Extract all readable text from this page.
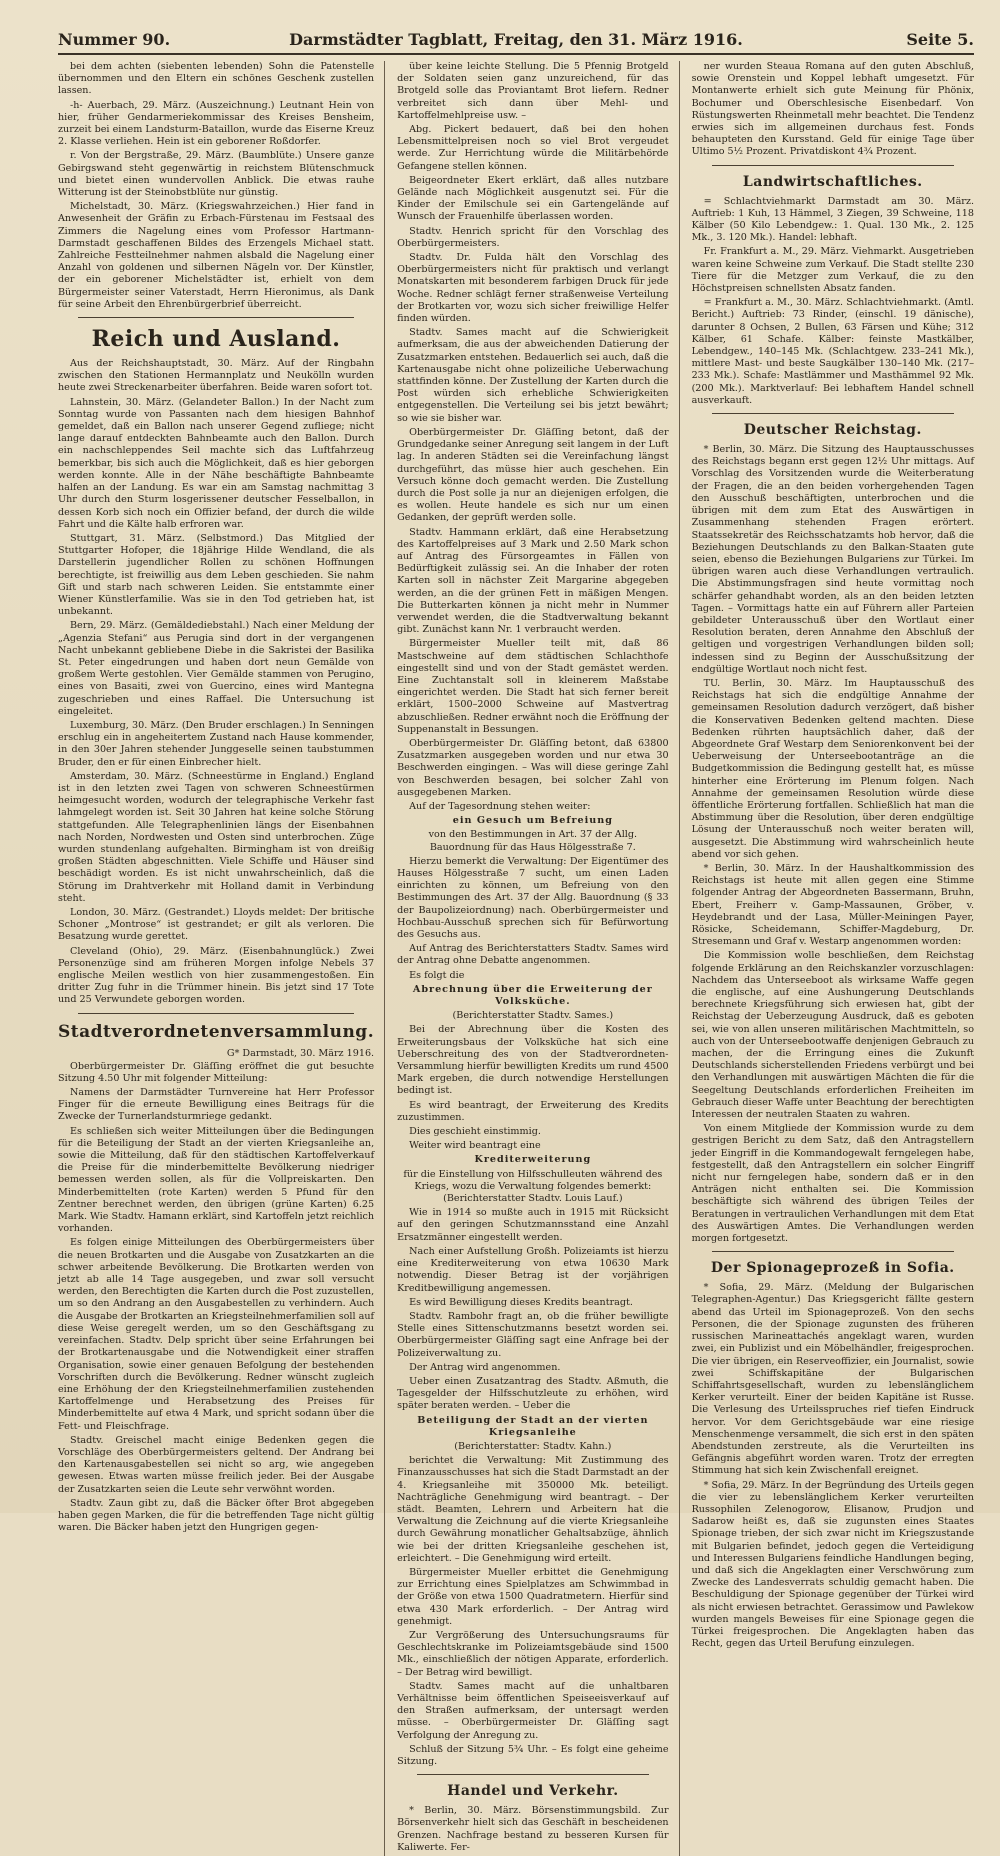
Nummer 90.	Darmstädter Tagblatt, Freitag, den 31. März 1916.	Seite 5.

bei dem achten (siebenten lebenden) Sohn die Patenstelle übernommen und den Eltern ein schönes Geschenk zustellen lassen.

-h- Auerbach, 29. März. (Auszeichnung.) Leutnant Hein von hier, früher Gendarmeriekommissar des Kreises Bensheim, zurzeit bei einem Landsturm-Bataillon, wurde das Eiserne Kreuz 2. Klasse verliehen. Hein ist ein geborener Roßdorfer.

r. Von der Bergstraße, 29. März. (Baumblüte.) Unsere ganze Gebirgswand steht gegenwärtig in reichstem Blütenschmuck und bietet einen wundervollen Anblick. Die etwas rauhe Witterung ist der Steinobstblüte nur günstig.

Michelstadt, 30. März. (Kriegswahrzeichen.) Hier fand in Anwesenheit der Gräfin zu Erbach-Fürstenau im Festsaal des Zimmers die Nagelung eines vom Professor Hartmann-Darmstadt geschaffenen Bildes des Erzengels Michael statt. Zahlreiche Festteilnehmer nahmen alsbald die Nagelung einer Anzahl von goldenen und silbernen Nägeln vor. Der Künstler, der ein geborener Michelstädter ist, erhielt von dem Bürgermeister seiner Vaterstadt, Herrn Hieronimus, als Dank für seine Arbeit den Ehrenbürgerbrief überreicht.

Reich und Ausland.

Aus der Reichshauptstadt, 30. März. Auf der Ringbahn zwischen den Stationen Hermannplatz und Neukölln wurden heute zwei Streckenarbeiter überfahren. Beide waren sofort tot.

Lahnstein, 30. März. (Gelandeter Ballon.) In der Nacht zum Sonntag wurde von Passanten nach dem hiesigen Bahnhof gemeldet, daß ein Ballon nach unserer Gegend zufliege; nicht lange darauf entdeckten Bahnbeamte auch den Ballon. Durch ein nachschleppendes Seil machte sich das Luftfahrzeug bemerkbar, bis sich auch die Möglichkeit, daß es hier geborgen werden konnte. Alle in der Nähe beschäftigte Bahnbeamte halfen an der Landung. Es war ein am Samstag nachmittag 3 Uhr durch den Sturm losgerissener deutscher Fesselballon, in dessen Korb sich noch ein Offizier befand, der durch die wilde Fahrt und die Kälte halb erfroren war.

Stuttgart, 31. März. (Selbstmord.) Das Mitglied der Stuttgarter Hofoper, die 18jährige Hilde Wendland, die als Darstellerin jugendlicher Rollen zu schönen Hoffnungen berechtigte, ist freiwillig aus dem Leben geschieden. Sie nahm Gift und starb nach schweren Leiden. Sie entstammte einer Wiener Künstlerfamilie. Was sie in den Tod getrieben hat, ist unbekannt.

Bern, 29. März. (Gemäldediebstahl.) Nach einer Meldung der „Agenzia Stefani“ aus Perugia sind dort in der vergangenen Nacht unbekannt gebliebene Diebe in die Sakristei der Basilika St. Peter eingedrungen und haben dort neun Gemälde von großem Werte gestohlen. Vier Gemälde stammen von Perugino, eines von Basaiti, zwei von Guercino, eines wird Mantegna zugeschrieben und eines Raffael. Die Untersuchung ist eingeleitet.

Luxemburg, 30. März. (Den Bruder erschlagen.) In Senningen erschlug ein in angeheitertem Zustand nach Hause kommender, in den 30er Jahren stehender Junggeselle seinen taubstummen Bruder, den er für einen Einbrecher hielt.

Amsterdam, 30. März. (Schneestürme in England.) England ist in den letzten zwei Tagen von schweren Schneestürmen heimgesucht worden, wodurch der telegraphische Verkehr fast lahmgelegt worden ist. Seit 30 Jahren hat keine solche Störung stattgefunden. Alle Telegraphenlinien längs der Eisenbahnen nach Norden, Nordwesten und Osten sind unterbrochen. Züge wurden stundenlang aufgehalten. Birmingham ist von dreißig großen Städten abgeschnitten. Viele Schiffe und Häuser sind beschädigt worden. Es ist nicht unwahrscheinlich, daß die Störung im Drahtverkehr mit Holland damit in Verbindung steht.

London, 30. März. (Gestrandet.) Lloyds meldet: Der britische Schoner „Montrose“ ist gestrandet; er gilt als verloren. Die Besatzung wurde gerettet.

Cleveland (Ohio), 29. März. (Eisenbahnunglück.) Zwei Personenzüge sind am früheren Morgen infolge Nebels 37 englische Meilen westlich von hier zusammengestoßen. Ein dritter Zug fuhr in die Trümmer hinein. Bis jetzt sind 17 Tote und 25 Verwundete geborgen worden.

Stadtverordnetenversammlung.
G* Darmstadt, 30. März 1916.

Oberbürgermeister Dr. Gläſſing eröffnet die gut besuchte Sitzung 4.50 Uhr mit folgender Mitteilung:

Namens der Darmstädter Turnvereine hat Herr Professor Finger für die erneute Bewilligung eines Beitrags für die Zwecke der Turnerlandsturmriege gedankt.

Es schließen sich weiter Mitteilungen über die Bedingungen für die Beteiligung der Stadt an der vierten Kriegsanleihe an, sowie die Mitteilung, daß für den städtischen Kartoffelverkauf die Preise für die minderbemittelte Bevölkerung niedriger bemessen werden sollen, als für die Vollpreiskarten. Den Minderbemittelten (rote Karten) werden 5 Pfund für den Zentner berechnet werden, den übrigen (grüne Karten) 6.25 Mark. Wie Stadtv. Hamann erklärt, sind Kartoffeln jetzt reichlich vorhanden.

Es folgen einige Mitteilungen des Oberbürgermeisters über die neuen Brotkarten und die Ausgabe von Zusatzkarten an die schwer arbeitende Bevölkerung. Die Brotkarten werden von jetzt ab alle 14 Tage ausgegeben, und zwar soll versucht werden, den Berechtigten die Karten durch die Post zuzustellen, um so den Andrang an den Ausgabestellen zu verhindern. Auch die Ausgabe der Brotkarten an Kriegsteilnehmerfamilien soll auf diese Weise geregelt werden, um so den Geschäftsgang zu vereinfachen. Stadtv. Delp spricht über seine Erfahrungen bei der Brotkartenausgabe und die Notwendigkeit einer straffen Organisation, sowie einer genauen Befolgung der bestehenden Vorschriften durch die Bevölkerung. Redner wünscht zugleich eine Erhöhung der den Kriegsteilnehmerfamilien zustehenden Kartoffelmenge und Herabsetzung des Preises für Minderbemittelte auf etwa 4 Mark, und spricht sodann über die Fett- und Fleischfrage.

Stadtv. Greischel macht einige Bedenken gegen die Vorschläge des Oberbürgermeisters geltend. Der Andrang bei den Kartenausgabestellen sei nicht so arg, wie angegeben gewesen. Etwas warten müsse freilich jeder. Bei der Ausgabe der Zusatzkarten seien die Leute sehr verwöhnt worden.

Stadtv. Zaun gibt zu, daß die Bäcker öfter Brot abgegeben haben gegen Marken, die für die betreffenden Tage nicht gültig waren. Die Bäcker haben jetzt den Hungrigen gegen-

über keine leichte Stellung. Die 5 Pfennig Brotgeld der Soldaten seien ganz unzureichend, für das Brotgeld solle das Proviantamt Brot liefern. Redner verbreitet sich dann über Mehl- und Kartoffelmehlpreise usw. –

Abg. Pickert bedauert, daß bei den hohen Lebensmittelpreisen noch so viel Brot vergeudet werde. Zur Herrichtung würde die Militärbehörde Gefangene stellen können.

Beigeordneter Ekert erklärt, daß alles nutzbare Gelände nach Möglichkeit ausgenutzt sei. Für die Kinder der Emilschule sei ein Gartengelände auf Wunsch der Frauenhilfe überlassen worden.

Stadtv. Henrich spricht für den Vorschlag des Oberbürgermeisters.

Stadtv. Dr. Fulda hält den Vorschlag des Oberbürgermeisters nicht für praktisch und verlangt Monatskarten mit besonderem farbigen Druck für jede Woche. Redner schlägt ferner straßenweise Verteilung der Brotkarten vor, wozu sich sicher freiwillige Helfer finden würden.

Stadtv. Sames macht auf die Schwierigkeit aufmerksam, die aus der abweichenden Datierung der Zusatzmarken entstehen. Bedauerlich sei auch, daß die Kartenausgabe nicht ohne polizeiliche Ueberwachung stattfinden könne. Der Zustellung der Karten durch die Post würden sich erhebliche Schwierigkeiten entgegenstellen. Die Verteilung sei bis jetzt bewährt; so wie sie bisher war.

Oberbürgermeister Dr. Gläſſing betont, daß der Grundgedanke seiner Anregung seit langem in der Luft lag. In anderen Städten sei die Vereinfachung längst durchgeführt, das müsse hier auch geschehen. Ein Versuch könne doch gemacht werden. Die Zustellung durch die Post solle ja nur an diejenigen erfolgen, die es wollen. Heute handele es sich nur um einen Gedanken, der geprüft werden solle.

Stadtv. Hammann erklärt, daß eine Herabsetzung des Kartoffelpreises auf 3 Mark und 2.50 Mark schon auf Antrag des Fürsorgeamtes in Fällen von Bedürftigkeit zulässig sei. An die Inhaber der roten Karten soll in nächster Zeit Margarine abgegeben werden, an die der grünen Fett in mäßigen Mengen. Die Butterkarten können ja nicht mehr in Nummer verwendet werden, die die Stadtverwaltung bekannt gibt. Zunächst kann Nr. 1 verbraucht werden.

Bürgermeister Mueller teilt mit, daß 86 Mastschweine auf dem städtischen Schlachthofe eingestellt sind und von der Stadt gemästet werden. Eine Zuchtanstalt soll in kleinerem Maßstabe eingerichtet werden. Die Stadt hat sich ferner bereit erklärt, 1500–2000 Schweine auf Mastvertrag abzuschließen. Redner erwähnt noch die Eröffnung der Suppenanstalt in Bessungen.

Oberbürgermeister Dr. Gläſſing betont, daß 63800 Zusatzmarken ausgegeben worden und nur etwa 30 Beschwerden eingingen. – Was will diese geringe Zahl von Beschwerden besagen, bei solcher Zahl von ausgegebenen Marken.

Auf der Tagesordnung stehen weiter:

ein Gesuch um Befreiung
von den Bestimmungen in Art. 37 der Allg. Bauordnung für das Haus Hölgesstraße 7.

Hierzu bemerkt die Verwaltung: Der Eigentümer des Hauses Hölgesstraße 7 sucht, um einen Laden einrichten zu können, um Befreiung von den Bestimmungen des Art. 37 der Allg. Bauordnung (§ 33 der Baupolizeiordnung) nach. Oberbürgermeister und Hochbau-Ausschuß sprechen sich für Befürwortung des Gesuchs aus.

Auf Antrag des Berichterstatters Stadtv. Sames wird der Antrag ohne Debatte angenommen.

Es folgt die

Abrechnung über die Erweiterung der Volksküche.
(Berichterstatter Stadtv. Sames.)

Bei der Abrechnung über die Kosten des Erweiterungsbaus der Volksküche hat sich eine Ueberschreitung des von der Stadtverordneten-Versammlung hierfür bewilligten Kredits um rund 4500 Mark ergeben, die durch notwendige Herstellungen bedingt ist.

Es wird beantragt, der Erweiterung des Kredits zuzustimmen.

Dies geschieht einstimmig.

Weiter wird beantragt eine

Krediterweiterung
für die Einstellung von Hilfsschulleuten während des Kriegs, wozu die Verwaltung folgendes bemerkt: (Berichterstatter Stadtv. Louis Lauf.)

Wie in 1914 so mußte auch in 1915 mit Rücksicht auf den geringen Schutzmannsstand eine Anzahl Ersatzmänner eingestellt werden.

Nach einer Aufstellung Großh. Polizeiamts ist hierzu eine Krediterweiterung von etwa 10630 Mark notwendig. Dieser Betrag ist der vorjährigen Kreditbewilligung angemessen.

Es wird Bewilligung dieses Kredits beantragt.

Stadtv. Rambohr fragt an, ob die früher bewilligte Stelle eines Sittenschutzmanns besetzt worden sei. Oberbürgermeister Gläſſing sagt eine Anfrage bei der Polizeiverwaltung zu.

Der Antrag wird angenommen.

Ueber einen Zusatzantrag des Stadtv. Aßmuth, die Tagesgelder der Hilfsschutzleute zu erhöhen, wird später beraten werden. – Ueber die

Beteiligung der Stadt an der vierten Kriegsanleihe
(Berichterstatter: Stadtv. Kahn.)

berichtet die Verwaltung: Mit Zustimmung des Finanzausschusses hat sich die Stadt Darmstadt an der 4. Kriegsanleihe mit 350000 Mk. beteiligt. Nachträgliche Genehmigung wird beantragt. – Der städt. Beamten, Lehrern und Arbeitern hat die Verwaltung die Zeichnung auf die vierte Kriegsanleihe durch Gewährung monatlicher Gehaltsabzüge, ähnlich wie bei der dritten Kriegsanleihe geschehen ist, erleichtert. – Die Genehmigung wird erteilt.

Bürgermeister Mueller erbittet die Genehmigung zur Errichtung eines Spielplatzes am Schwimmbad in der Größe von etwa 1500 Quadratmetern. Hierfür sind etwa 430 Mark erforderlich. – Der Antrag wird genehmigt.

Zur Vergrößerung des Untersuchungsraums für Geschlechtskranke im Polizeiamtsgebäude sind 1500 Mk., einschließlich der nötigen Apparate, erforderlich. – Der Betrag wird bewilligt.

Stadtv. Sames macht auf die unhaltbaren Verhältnisse beim öffentlichen Speiseeisverkauf auf den Straßen aufmerksam, der untersagt werden müsse. – Oberbürgermeister Dr. Gläſſing sagt Verfolgung der Anregung zu.

Schluß der Sitzung 5¾ Uhr. – Es folgt eine geheime Sitzung.

Handel und Verkehr.

* Berlin, 30. März. Börsenstimmungsbild. Zur Börsenverkehr hielt sich das Geschäft in bescheidenen Grenzen. Nachfrage bestand zu besseren Kursen für Kaliwerte. Fer-

ner wurden Steaua Romana auf den guten Abschluß, sowie Orenstein und Koppel lebhaft umgesetzt. Für Montanwerte erhielt sich gute Meinung für Phönix, Bochumer und Oberschlesische Eisenbedarf. Von Rüstungswerten Rheinmetall mehr beachtet. Die Tendenz erwies sich im allgemeinen durchaus fest. Fonds behaupteten den Kursstand. Geld für einige Tage über Ultimo 5½ Prozent. Privatdiskont 4¾ Prozent.

Landwirtschaftliches.

= Schlachtviehmarkt Darmstadt am 30. März. Auftrieb: 1 Kuh, 13 Hämmel, 3 Ziegen, 39 Schweine, 118 Kälber (50 Kilo Lebendgew.: 1. Qual. 130 Mk., 2. 125 Mk., 3. 120 Mk.). Handel: lebhaft.

Fr. Frankfurt a. M., 29. März. Viehmarkt. Ausgetrieben waren keine Schweine zum Verkauf. Die Stadt stellte 230 Tiere für die Metzger zum Verkauf, die zu den Höchstpreisen schnellsten Absatz fanden.

= Frankfurt a. M., 30. März. Schlachtviehmarkt. (Amtl. Bericht.) Auftrieb: 73 Rinder, (einschl. 19 dänische), darunter 8 Ochsen, 2 Bullen, 63 Färsen und Kühe; 312 Kälber, 61 Schafe. Kälber: feinste Mastkälber, Lebendgew., 140–145 Mk. (Schlachtgew. 233–241 Mk.), mittlere Mast- und beste Saugkälber 130–140 Mk. (217–233 Mk.). Schafe: Mastlämmer und Masthämmel 92 Mk. (200 Mk.). Marktverlauf: Bei lebhaftem Handel schnell ausverkauft.

Deutscher Reichstag.

* Berlin, 30. März. Die Sitzung des Hauptausschusses des Reichstags begann erst gegen 12½ Uhr mittags. Auf Vorschlag des Vorsitzenden wurde die Weiterberatung der Fragen, die an den beiden vorhergehenden Tagen den Ausschuß beschäftigten, unterbrochen und die übrigen mit dem zum Etat des Auswärtigen in Zusammenhang stehenden Fragen erörtert. Staatssekretär des Reichsschatzamts hob hervor, daß die Beziehungen Deutschlands zu den Balkan-Staaten gute seien, ebenso die Beziehungen Bulgariens zur Türkei. Im übrigen waren auch diese Verhandlungen vertraulich. Die Abstimmungsfragen sind heute vormittag noch schärfer gehandhabt worden, als an den beiden letzten Tagen. – Vormittags hatte ein auf Führern aller Parteien gebildeter Unterausschuß über den Wortlaut einer Resolution beraten, deren Annahme den Abschluß der geltigen und vorgestrigen Verhandlungen bilden soll; indessen sind zu Beginn der Ausschußsitzung der endgültige Wortlaut noch nicht fest.

TU. Berlin, 30. März. Im Hauptausschuß des Reichstags hat sich die endgültige Annahme der gemeinsamen Resolution dadurch verzögert, daß bisher die Konservativen Bedenken geltend machten. Diese Bedenken rührten hauptsächlich daher, daß der Abgeordnete Graf Westarp dem Seniorenkonvent bei der Ueberweisung der Unterseebootanträge an die Budgetkommission die Bedingung gestellt hat, es müsse hinterher eine Erörterung im Plenum folgen. Nach Annahme der gemeinsamen Resolution würde diese öffentliche Erörterung fortfallen. Schließlich hat man die Abstimmung über die Resolution, über deren endgültige Lösung der Unterausschuß noch weiter beraten will, ausgesetzt. Die Abstimmung wird wahrscheinlich heute abend vor sich gehen.

* Berlin, 30. März. In der Haushaltkommission des Reichstags ist heute mit allen gegen eine Stimme folgender Antrag der Abgeordneten Bassermann, Bruhn, Ebert, Freiherr v. Gamp-Massaunen, Gröber, v. Heydebrandt und der Lasa, Müller-Meiningen Payer, Rösicke, Scheidemann, Schiffer-Magdeburg, Dr. Stresemann und Graf v. Westarp angenommen worden:

Die Kommission wolle beschließen, dem Reichstag folgende Erklärung an den Reichskanzler vorzuschlagen: Nachdem das Unterseeboot als wirksame Waffe gegen die englische, auf eine Aushungerung Deutschlands berechnete Kriegsführung sich erwiesen hat, gibt der Reichstag der Ueberzeugung Ausdruck, daß es geboten sei, wie von allen unseren militärischen Machtmitteln, so auch von der Unterseebootwaffe denjenigen Gebrauch zu machen, der die Erringung eines die Zukunft Deutschlands sicherstellenden Friedens verbürgt und bei den Verhandlungen mit auswärtigen Mächten die für die Seegeltung Deutschlands erforderlichen Freiheiten im Gebrauch dieser Waffe unter Beachtung der berechtigten Interessen der neutralen Staaten zu wahren.

Von einem Mitgliede der Kommission wurde zu dem gestrigen Bericht zu dem Satz, daß den Antragstellern jeder Eingriff in die Kommandogewalt ferngelegen habe, festgestellt, daß den Antragstellern ein solcher Eingriff nicht nur ferngelegen habe, sondern daß er in den Anträgen nicht enthalten sei. Die Kommission beschäftigte sich während des übrigen Teiles der Beratungen in vertraulichen Verhandlungen mit dem Etat des Auswärtigen Amtes. Die Verhandlungen werden morgen fortgesetzt.

Der Spionageprozeß in Sofia.

* Sofia, 29. März. (Meldung der Bulgarischen Telegraphen-Agentur.) Das Kriegsgericht fällte gestern abend das Urteil im Spionageprozeß. Von den sechs Personen, die der Spionage zugunsten des früheren russischen Marineattachés angeklagt waren, wurden zwei, ein Publizist und ein Möbelhändler, freigesprochen. Die vier übrigen, ein Reserveoffizier, ein Journalist, sowie zwei Schiffskapitäne der Bulgarischen Schiffahrtsgesellschaft, wurden zu lebenslänglichem Kerker verurteilt. Einer der beiden Kapitäne ist Russe. Die Verlesung des Urteilsspruches rief tiefen Eindruck hervor. Vor dem Gerichtsgebäude war eine riesige Menschenmenge versammelt, die sich erst in den späten Abendstunden zerstreute, als die Verurteilten ins Gefängnis abgeführt worden waren. Trotz der erregten Stimmung hat sich kein Zwischenfall ereignet.

* Sofia, 29. März. In der Begründung des Urteils gegen die vier zu lebenslänglichem Kerker verurteilten Russophilen Zelenogorow, Elisanow, Prudjon und Sadarow heißt es, daß sie zugunsten eines Staates Spionage trieben, der sich zwar nicht im Kriegszustande mit Bulgarien befindet, jedoch gegen die Verteidigung und Interessen Bulgariens feindliche Handlungen beging, und daß sich die Angeklagten einer Verschwörung zum Zwecke des Landesverrats schuldig gemacht haben. Die Beschuldigung der Spionage gegenüber der Türkei wird als nicht erwiesen betrachtet. Gerassimow und Pawlekow wurden mangels Beweises für eine Spionage gegen die Türkei freigesprochen. Die Angeklagten haben das Recht, gegen das Urteil Berufung einzulegen.
